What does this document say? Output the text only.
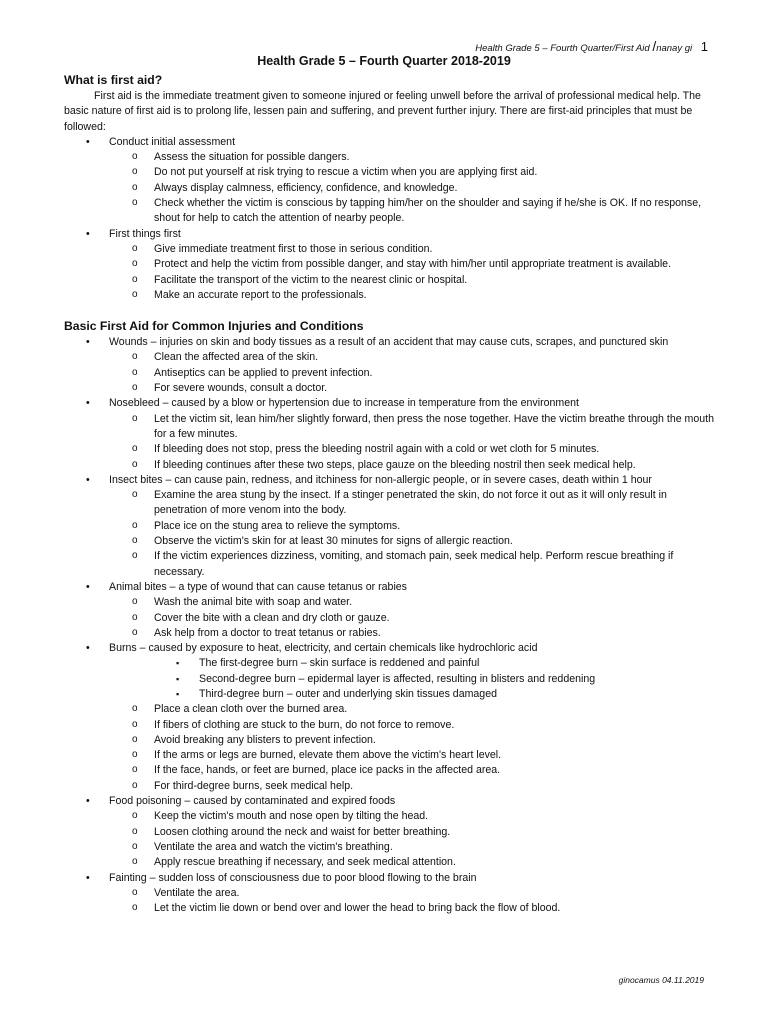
Health Grade 5 – Fourth Quarter/First Aid /nanay gi 1
Health Grade 5 – Fourth Quarter 2018-2019

What is first aid?

First aid is the immediate treatment given to someone injured or feeling unwell before the arrival of professional medical help. The basic nature of first aid is to prolong life, lessen pain and suffering, and prevent further injury. There are first-aid principles that must be followed:

• Conduct initial assessment
o Assess the situation for possible dangers.
o Do not put yourself at risk trying to rescue a victim when you are applying first aid.
o Always display calmness, efficiency, confidence, and knowledge.
o Check whether the victim is conscious by tapping him/her on the shoulder and saying if he/she is OK. If no response, shout for help to catch the attention of nearby people.
• First things first
o Give immediate treatment first to those in serious condition.
o Protect and help the victim from possible danger, and stay with him/her until appropriate treatment is available.
o Facilitate the transport of the victim to the nearest clinic or hospital.
o Make an accurate report to the professionals.

Basic First Aid for Common Injuries and Conditions

• Wounds – injuries on skin and body tissues as a result of an accident that may cause cuts, scrapes, and punctured skin
o Clean the affected area of the skin.
o Antiseptics can be applied to prevent infection.
o For severe wounds, consult a doctor.
• Nosebleed – caused by a blow or hypertension due to increase in temperature from the environment
o Let the victim sit, lean him/her slightly forward, then press the nose together. Have the victim breathe through the mouth for a few minutes.
o If bleeding does not stop, press the bleeding nostril again with a cold or wet cloth for 5 minutes.
o If bleeding continues after these two steps, place gauze on the bleeding nostril then seek medical help.
• Insect bites – can cause pain, redness, and itchiness for non-allergic people, or in severe cases, death within 1 hour
o Examine the area stung by the insect. If a stinger penetrated the skin, do not force it out as it will only result in penetration of more venom into the body.
o Place ice on the stung area to relieve the symptoms.
o Observe the victim's skin for at least 30 minutes for signs of allergic reaction.
o If the victim experiences dizziness, vomiting, and stomach pain, seek medical help. Perform rescue breathing if necessary.
• Animal bites – a type of wound that can cause tetanus or rabies
o Wash the animal bite with soap and water.
o Cover the bite with a clean and dry cloth or gauze.
o Ask help from a doctor to treat tetanus or rabies.
• Burns – caused by exposure to heat, electricity, and certain chemicals like hydrochloric acid
▪ The first-degree burn – skin surface is reddened and painful
▪ Second-degree burn – epidermal layer is affected, resulting in blisters and reddening
▪ Third-degree burn – outer and underlying skin tissues damaged
o Place a clean cloth over the burned area.
o If fibers of clothing are stuck to the burn, do not force to remove.
o Avoid breaking any blisters to prevent infection.
o If the arms or legs are burned, elevate them above the victim's heart level.
o If the face, hands, or feet are burned, place ice packs in the affected area.
o For third-degree burns, seek medical help.
• Food poisoning – caused by contaminated and expired foods
o Keep the victim's mouth and nose open by tilting the head.
o Loosen clothing around the neck and waist for better breathing.
o Ventilate the area and watch the victim's breathing.
o Apply rescue breathing if necessary, and seek medical attention.
• Fainting – sudden loss of consciousness due to poor blood flowing to the brain
o Ventilate the area.
o Let the victim lie down or bend over and lower the head to bring back the flow of blood.
ginocamus 04.11.2019
